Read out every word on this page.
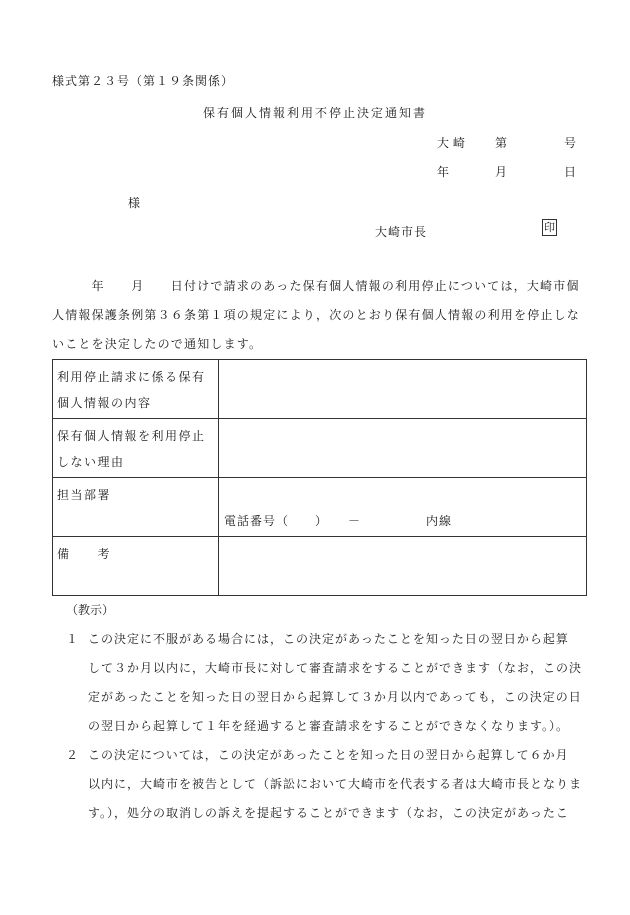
様式第２３号（第１９条関係）
保有個人情報利用不停止決定通知書
大 崎	第	号
年	月	日
様
大崎市長	印
　　　年　　月　　日付けで請求のあった保有個人情報の利用停止については，大崎市個
人情報保護条例第３６条第１項の規定により，次のとおり保有個人情報の利用を停止しな
いことを決定したので通知します。
利用停止請求に係る保有
個人情報の内容	

保有個人情報を利用停止
しない理由	

担当部署	電話番号（　　）　　－　　　　　内線

備　　考	

（教示）
１ この決定に不服がある場合には，この決定があったことを知った日の翌日から起算
して３か月以内に，大崎市長に対して審査請求をすることができます（なお，この決
定があったことを知った日の翌日から起算して３か月以内であっても，この決定の日
の翌日から起算して１年を経過すると審査請求をすることができなくなります。）。
２ この決定については，この決定があったことを知った日の翌日から起算して６か月
以内に，大崎市を被告として（訴訟において大崎市を代表する者は大崎市長となりま
す。），処分の取消しの訴えを提起することができます（なお，この決定があったこ
